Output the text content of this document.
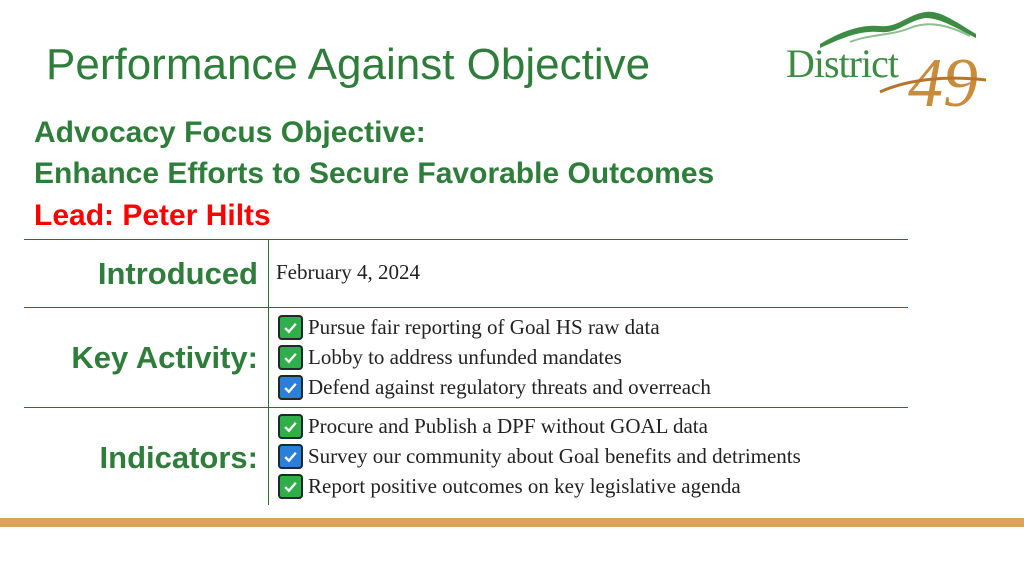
Performance Against Objective	49
District
Advocacy Focus Objective:
Enhance Efforts to Secure Favorable Outcomes
Lead: Peter Hilts
Introduced February 4, 2024
Key Activity:
Pursue fair reporting of Goal HS raw data
Lobby to address unfunded mandates
Defend against regulatory threats and overreach
Indicators:
Procure and Publish a DPF without GOAL data
Survey our community about Goal benefits and detriments
Report positive outcomes on key legislative agenda
